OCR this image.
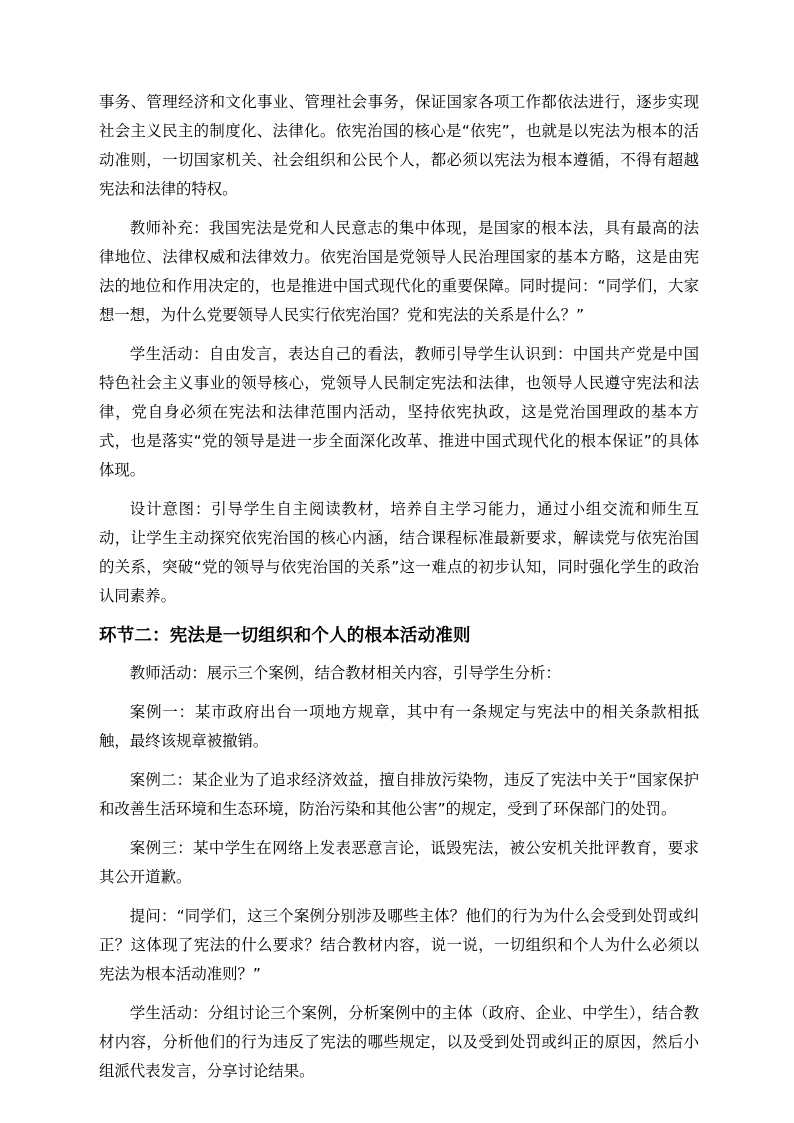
事务、管理经济和文化事业、管理社会事务，保证国家各项工作都依法进行，逐步实现社会主义民主的制度化、法律化。依宪治国的核心是“依宪”，也就是以宪法为根本的活动准则，一切国家机关、社会组织和公民个人，都必须以宪法为根本遵循，不得有超越宪法和法律的特权。

教师补充：我国宪法是党和人民意志的集中体现，是国家的根本法，具有最高的法律地位、法律权威和法律效力。依宪治国是党领导人民治理国家的基本方略，这是由宪法的地位和作用决定的，也是推进中国式现代化的重要保障。同时提问：“同学们，大家想一想，为什么党要领导人民实行依宪治国？党和宪法的关系是什么？”

学生活动：自由发言，表达自己的看法，教师引导学生认识到：中国共产党是中国特色社会主义事业的领导核心，党领导人民制定宪法和法律，也领导人民遵守宪法和法律，党自身必须在宪法和法律范围内活动，坚持依宪执政，这是党治国理政的基本方式，也是落实“党的领导是进一步全面深化改革、推进中国式现代化的根本保证”的具体体现。

设计意图：引导学生自主阅读教材，培养自主学习能力，通过小组交流和师生互动，让学生主动探究依宪治国的核心内涵，结合课程标准最新要求，解读党与依宪治国的关系，突破“党的领导与依宪治国的关系”这一难点的初步认知，同时强化学生的政治认同素养。

环节二：宪法是一切组织和个人的根本活动准则

教师活动：展示三个案例，结合教材相关内容，引导学生分析：

案例一：某市政府出台一项地方规章，其中有一条规定与宪法中的相关条款相抵触，最终该规章被撤销。

案例二：某企业为了追求经济效益，擅自排放污染物，违反了宪法中关于“国家保护和改善生活环境和生态环境，防治污染和其他公害”的规定，受到了环保部门的处罚。

案例三：某中学生在网络上发表恶意言论，诋毁宪法，被公安机关批评教育，要求其公开道歉。

提问：“同学们，这三个案例分别涉及哪些主体？他们的行为为什么会受到处罚或纠正？这体现了宪法的什么要求？结合教材内容，说一说，一切组织和个人为什么必须以宪法为根本活动准则？”

学生活动：分组讨论三个案例，分析案例中的主体（政府、企业、中学生），结合教材内容，分析他们的行为违反了宪法的哪些规定，以及受到处罚或纠正的原因，然后小组派代表发言，分享讨论结果。
